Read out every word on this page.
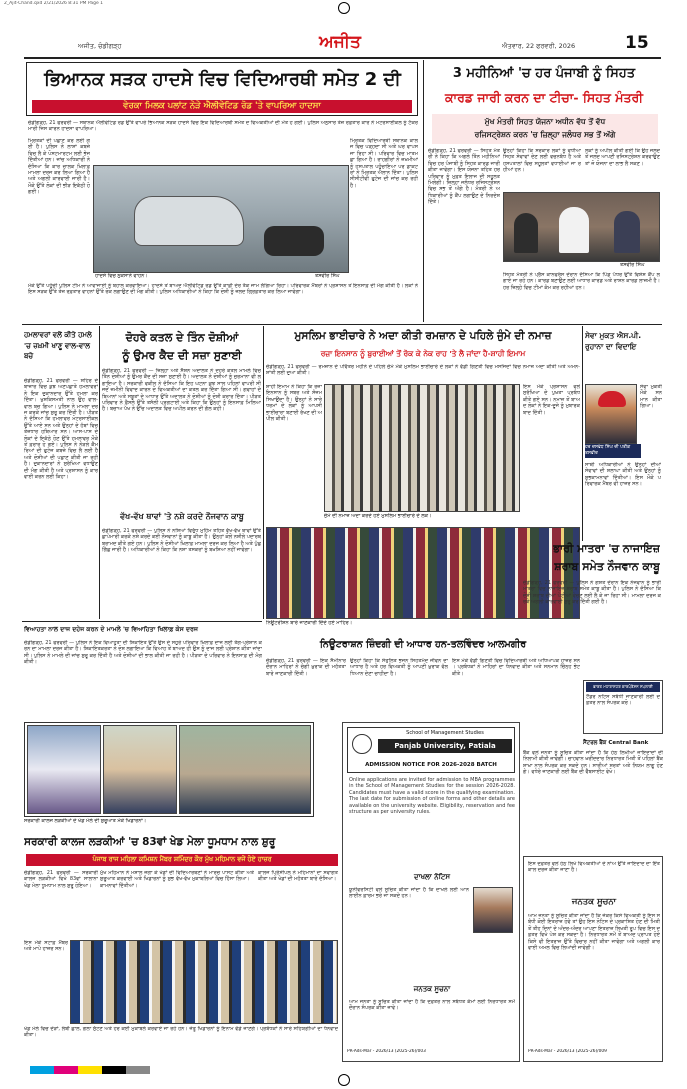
2_Ajit-Chand.qxd 2/21/2026 8:31 PM Page 1
ਅਜੀਤ, ਚੰਡੀਗੜ੍ਹ	ਅਜੀਤ	ਐਤਵਾਰ, 22 ਫਰਵਰੀ, 2026	15
ਭਿਆਨਕ ਸੜਕ ਹਾਦਸੇ ਵਿਚ ਵਿਦਿਆਰਥੀ ਸਮੇਤ 2 ਦੀ
ਵੇਰਕਾ ਮਿਲਕ ਪਲਾਂਟ ਨੇੜੇ ਐਲੀਵੇਟਿਡ ਰੋਡ 'ਤੇ ਵਾਪਰਿਆ ਹਾਦਸਾ
ਚੰਡੀਗੜ੍ਹ, 21 ਫਰਵਰੀ — ਸਥਾਨਕ ਐਲੀਵੇਟਿਡ ਰੋਡ ਉੱਤੇ ਵਾਪਰੇ ਭਿਆਨਕ ਸੜਕ ਹਾਦਸੇ ਵਿਚ ਇਕ ਵਿਦਿਆਰਥੀ ਸਮੇਤ ਦੋ ਵਿਅਕਤੀਆਂ ਦੀ ਮੌਤ ਹੋ ਗਈ। ਪੁਲਿਸ ਅਨੁਸਾਰ ਤੇਜ਼ ਰਫ਼ਤਾਰ ਕਾਰ ਨੇ ਮੋਟਰਸਾਈਕਲ ਨੂੰ ਟੱਕਰ ਮਾਰੀ ਜਿਸ ਕਾਰਨ ਹਾਦਸਾ ਵਾਪਰਿਆ।
ਮ੍ਰਿਤਕਾਂ ਦੀ ਪਛਾਣ ਕਰ ਲਈ ਗਈ ਹੈ। ਪੁਲਿਸ ਨੇ ਲਾਸ਼ਾਂ ਕਬਜ਼ੇ ਵਿਚ ਲੈ ਕੇ ਪੋਸਟਮਾਰਟਮ ਲਈ ਭੇਜ ਦਿੱਤੀਆਂ ਹਨ। ਜਾਂਚ ਅਧਿਕਾਰੀ ਨੇ ਦੱਸਿਆ ਕਿ ਕਾਰ ਚਾਲਕ ਖ਼ਿਲਾਫ਼ ਮਾਮਲਾ ਦਰਜ ਕਰ ਲਿਆ ਗਿਆ ਹੈ ਅਤੇ ਅਗਲੀ ਕਾਰਵਾਈ ਜਾਰੀ ਹੈ। ਮੌਕੇ ਉੱਤੇ ਲੋਕਾਂ ਦੀ ਭੀੜ ਇਕੱਠੀ ਹੋ ਗਈ।
ਹਾਦਸੇ ਵਿਚ ਨੁਕਸਾਨੇ ਵਾਹਨ।	ਤਸਵੀਰ ਸਿੰਘ
ਮ੍ਰਿਤਕ ਵਿਦਿਆਰਥੀ ਸਥਾਨਕ ਕਾਲਜ ਵਿਚ ਪੜ੍ਹਦਾ ਸੀ ਅਤੇ ਘਰ ਵਾਪਸ ਜਾ ਰਿਹਾ ਸੀ। ਪਰਿਵਾਰ ਵਿਚ ਮਾਤਮ ਛਾ ਗਿਆ ਹੈ। ਰਾਹਗੀਰਾਂ ਨੇ ਜ਼ਖ਼ਮੀਆਂ ਨੂੰ ਹਸਪਤਾਲ ਪਹੁੰਚਾਇਆ ਪਰ ਡਾਕਟਰਾਂ ਨੇ ਮ੍ਰਿਤਕ ਐਲਾਨ ਦਿੱਤਾ। ਪੁਲਿਸ ਸੀਸੀਟੀਵੀ ਫੁਟੇਜ ਦੀ ਜਾਂਚ ਕਰ ਰਹੀ ਹੈ।
ਮੌਕੇ ਉੱਤੇ ਪਹੁੰਚੀ ਪੁਲਿਸ ਟੀਮ ਨੇ ਆਵਾਜਾਈ ਨੂੰ ਬਹਾਲ ਕਰਵਾਇਆ। ਹਾਦਸੇ ਤੋਂ ਬਾਅਦ ਐਲੀਵੇਟਿਡ ਰੋਡ ਉੱਤੇ ਕਾਫ਼ੀ ਦੇਰ ਤੱਕ ਜਾਮ ਲੱਗਿਆ ਰਿਹਾ। ਪਰਿਵਾਰਕ ਮੈਂਬਰਾਂ ਨੇ ਪ੍ਰਸ਼ਾਸਨ ਤੋਂ ਇਨਸਾਫ਼ ਦੀ ਮੰਗ ਕੀਤੀ ਹੈ। ਲੋਕਾਂ ਨੇ ਇਸ ਸੜਕ ਉੱਤੇ ਤੇਜ਼ ਰਫ਼ਤਾਰ ਵਾਹਨਾਂ ਉੱਤੇ ਰੋਕ ਲਗਾਉਣ ਦੀ ਮੰਗ ਕੀਤੀ। ਪੁਲਿਸ ਅਧਿਕਾਰੀਆਂ ਨੇ ਕਿਹਾ ਕਿ ਦੋਸ਼ੀ ਨੂੰ ਜਲਦ ਗ੍ਰਿਫ਼ਤਾਰ ਕਰ ਲਿਆ ਜਾਵੇਗਾ।
3 ਮਹੀਨਿਆਂ 'ਚ ਹਰ ਪੰਜਾਬੀ ਨੂੰ ਸਿਹਤ
ਕਾਰਡ ਜਾਰੀ ਕਰਨ ਦਾ ਟੀਚਾ- ਸਿਹਤ ਮੰਤਰੀ
ਮੁੱਖ ਮੰਤਰੀ ਸਿਹਤ ਯੋਜਨਾ ਅਧੀਨ ਵੱਧ ਤੋਂ ਵੱਧ
ਰਜਿਸਟ੍ਰੇਸ਼ਨ ਕਰਨ 'ਚ ਜ਼ਿਲ੍ਹਾ ਜਲੰਧਰ ਸਭ ਤੋਂ ਅੱਗੇ
ਚੰਡੀਗੜ੍ਹ, 21 ਫਰਵਰੀ — ਸਿਹਤ ਮੰਤਰੀ ਨੇ ਕਿਹਾ ਕਿ ਅਗਲੇ ਤਿੰਨ ਮਹੀਨਿਆਂ ਵਿਚ ਹਰ ਪੰਜਾਬੀ ਨੂੰ ਸਿਹਤ ਕਾਰਡ ਜਾਰੀ ਕੀਤਾ ਜਾਵੇਗਾ। ਇਸ ਯੋਜਨਾ ਤਹਿਤ ਹਰ ਪਰਿਵਾਰ ਨੂੰ ਮੁਫ਼ਤ ਇਲਾਜ ਦੀ ਸਹੂਲਤ ਮਿਲੇਗੀ। ਜ਼ਿਲ੍ਹਾ ਜਲੰਧਰ ਰਜਿਸਟ੍ਰੇਸ਼ਨ ਵਿਚ ਸਭ ਤੋਂ ਅੱਗੇ ਹੈ। ਮੰਤਰੀ ਨੇ ਅਧਿਕਾਰੀਆਂ ਨੂੰ ਕੈਂਪ ਲਗਾਉਣ ਦੇ ਨਿਰਦੇਸ਼ ਦਿੱਤੇ।
ਉਨ੍ਹਾਂ ਕਿਹਾ ਕਿ ਸਰਕਾਰ ਲੋਕਾਂ ਨੂੰ ਵਧੀਆ ਸਿਹਤ ਸੇਵਾਵਾਂ ਦੇਣ ਲਈ ਵਚਨਬੱਧ ਹੈ ਅਤੇ ਹਸਪਤਾਲਾਂ ਵਿਚ ਸਹੂਲਤਾਂ ਵਧਾਈਆਂ ਜਾ ਰਹੀਆਂ ਹਨ।
ਲੋਕਾਂ ਨੂੰ ਅਪੀਲ ਕੀਤੀ ਗਈ ਕਿ ਉਹ ਜਲਦ ਤੋਂ ਜਲਦ ਆਪਣੀ ਰਜਿਸਟ੍ਰੇਸ਼ਨ ਕਰਵਾਉਣ ਤਾਂ ਜੋ ਯੋਜਨਾ ਦਾ ਲਾਭ ਲੈ ਸਕਣ।
ਤਸਵੀਰ ਸਿੰਘ
ਸਿਹਤ ਮੰਤਰੀ ਨੇ ਪ੍ਰੈਸ ਕਾਨਫਰੰਸ ਦੌਰਾਨ ਦੱਸਿਆ ਕਿ ਪਿੰਡ ਪੱਧਰ ਉੱਤੇ ਵਿਸ਼ੇਸ਼ ਕੈਂਪ ਲਗਾਏ ਜਾ ਰਹੇ ਹਨ। ਕਾਰਡ ਬਣਾਉਣ ਲਈ ਆਧਾਰ ਕਾਰਡ ਅਤੇ ਰਾਸ਼ਨ ਕਾਰਡ ਲਾਜ਼ਮੀ ਹੈ। ਹਰ ਜ਼ਿਲ੍ਹੇ ਵਿਚ ਟੀਮਾਂ ਕੰਮ ਕਰ ਰਹੀਆਂ ਹਨ।
ਹਮਲਾਵਰਾਂ ਵਲੋਂ ਕੀਤੇ ਹਮਲੇ 'ਚ ਜ਼ਖ਼ਮੀ ਖਾਣੂ ਵਾਲ-ਵਾਲ ਬਚੇ
ਚੰਡੀਗੜ੍ਹ, 21 ਫਰਵਰੀ — ਸ਼ਹਿਰ ਦੇ ਬਾਜ਼ਾਰ ਵਿਚ ਕੁਝ ਅਣਪਛਾਤੇ ਹਮਲਾਵਰਾਂ ਨੇ ਇਕ ਦੁਕਾਨਦਾਰ ਉੱਤੇ ਹਮਲਾ ਕਰ ਦਿੱਤਾ। ਖੁਸ਼ਕਿਸਮਤੀ ਨਾਲ ਉਹ ਵਾਲ-ਵਾਲ ਬਚ ਗਿਆ। ਪੁਲਿਸ ਨੇ ਮਾਮਲਾ ਦਰਜ ਕਰਕੇ ਜਾਂਚ ਸ਼ੁਰੂ ਕਰ ਦਿੱਤੀ ਹੈ। ਪੀੜਤ ਨੇ ਦੱਸਿਆ ਕਿ ਹਮਲਾਵਰ ਮੋਟਰਸਾਈਕਲ ਉੱਤੇ ਆਏ ਸਨ ਅਤੇ ਉਨ੍ਹਾਂ ਦੇ ਹੱਥਾਂ ਵਿਚ ਤੇਜ਼ਧਾਰ ਹਥਿਆਰ ਸਨ। ਆਸ-ਪਾਸ ਦੇ ਲੋਕਾਂ ਦੇ ਇਕੱਠੇ ਹੋਣ ਉੱਤੇ ਹਮਲਾਵਰ ਮੌਕੇ ਤੋਂ ਫ਼ਰਾਰ ਹੋ ਗਏ। ਪੁਲਿਸ ਨੇ ਨੇੜਲੇ ਕੈਮਰਿਆਂ ਦੀ ਫੁਟੇਜ ਕਬਜ਼ੇ ਵਿਚ ਲੈ ਲਈ ਹੈ ਅਤੇ ਦੋਸ਼ੀਆਂ ਦੀ ਪਛਾਣ ਕੀਤੀ ਜਾ ਰਹੀ ਹੈ। ਦੁਕਾਨਦਾਰਾਂ ਨੇ ਸੁਰੱਖਿਆ ਵਧਾਉਣ ਦੀ ਮੰਗ ਕੀਤੀ ਹੈ ਅਤੇ ਪ੍ਰਸ਼ਾਸਨ ਨੂੰ ਕਾਰਵਾਈ ਕਰਨ ਲਈ ਕਿਹਾ।
ਦੋਹਰੇ ਕਤਲ ਦੇ ਤਿੰਨ ਦੋਸ਼ੀਆਂ
ਨੂੰ ਉਮਰ ਕੈਦ ਦੀ ਸਜ਼ਾ ਸੁਣਾਈ
ਚੰਡੀਗੜ੍ਹ, 21 ਫਰਵਰੀ — ਜ਼ਿਲ੍ਹਾ ਅਤੇ ਸੈਸ਼ਨ ਅਦਾਲਤ ਨੇ ਦੋਹਰੇ ਕਤਲ ਮਾਮਲੇ ਵਿਚ ਤਿੰਨ ਦੋਸ਼ੀਆਂ ਨੂੰ ਉਮਰ ਕੈਦ ਦੀ ਸਜ਼ਾ ਸੁਣਾਈ ਹੈ। ਅਦਾਲਤ ਨੇ ਦੋਸ਼ੀਆਂ ਨੂੰ ਜੁਰਮਾਨਾ ਵੀ ਲਗਾਇਆ ਹੈ। ਸਰਕਾਰੀ ਵਕੀਲ ਨੇ ਦੱਸਿਆ ਕਿ ਇਹ ਘਟਨਾ ਕੁਝ ਸਾਲ ਪਹਿਲਾਂ ਵਾਪਰੀ ਸੀ ਜਦੋਂ ਜ਼ਮੀਨੀ ਵਿਵਾਦ ਕਾਰਨ ਦੋ ਵਿਅਕਤੀਆਂ ਦਾ ਕਤਲ ਕਰ ਦਿੱਤਾ ਗਿਆ ਸੀ। ਗਵਾਹਾਂ ਦੇ ਬਿਆਨਾਂ ਅਤੇ ਸਬੂਤਾਂ ਦੇ ਆਧਾਰ ਉੱਤੇ ਅਦਾਲਤ ਨੇ ਦੋਸ਼ੀਆਂ ਨੂੰ ਦੋਸ਼ੀ ਕਰਾਰ ਦਿੱਤਾ। ਪੀੜਤ ਪਰਿਵਾਰ ਨੇ ਫ਼ੈਸਲੇ ਉੱਤੇ ਤਸੱਲੀ ਪ੍ਰਗਟਾਈ ਅਤੇ ਕਿਹਾ ਕਿ ਉਨ੍ਹਾਂ ਨੂੰ ਇਨਸਾਫ਼ ਮਿਲਿਆ ਹੈ। ਬਚਾਅ ਪੱਖ ਨੇ ਉੱਚ ਅਦਾਲਤ ਵਿਚ ਅਪੀਲ ਕਰਨ ਦੀ ਗੱਲ ਕਹੀ।
ਵੱਖ-ਵੱਖ ਥਾਵਾਂ 'ਤੇ ਨਸ਼ੇ ਕਰਦੇ ਨੌਜਵਾਨ ਕਾਬੂ
ਚੰਡੀਗੜ੍ਹ, 21 ਫਰਵਰੀ — ਪੁਲਿਸ ਨੇ ਨਸ਼ਿਆਂ ਵਿਰੁੱਧ ਮੁਹਿੰਮ ਤਹਿਤ ਵੱਖ-ਵੱਖ ਥਾਵਾਂ ਉੱਤੇ ਛਾਪੇਮਾਰੀ ਕਰਕੇ ਨਸ਼ੇ ਕਰਦੇ ਕਈ ਨੌਜਵਾਨਾਂ ਨੂੰ ਕਾਬੂ ਕੀਤਾ ਹੈ। ਉਨ੍ਹਾਂ ਕੋਲੋਂ ਨਸ਼ੀਲੇ ਪਦਾਰਥ ਬਰਾਮਦ ਕੀਤੇ ਗਏ ਹਨ। ਪੁਲਿਸ ਨੇ ਦੋਸ਼ੀਆਂ ਖ਼ਿਲਾਫ਼ ਮਾਮਲਾ ਦਰਜ ਕਰ ਲਿਆ ਹੈ ਅਤੇ ਪੁੱਛਗਿੱਛ ਜਾਰੀ ਹੈ। ਅਧਿਕਾਰੀਆਂ ਨੇ ਕਿਹਾ ਕਿ ਨਸ਼ਾ ਤਸਕਰਾਂ ਨੂੰ ਬਖ਼ਸ਼ਿਆ ਨਹੀਂ ਜਾਵੇਗਾ।
ਮੁਸਲਿਮ ਭਾਈਚਾਰੇ ਨੇ ਅਦਾ ਕੀਤੀ ਰਮਜ਼ਾਨ ਦੇ ਪਹਿਲੇ ਜੁੰਮੇ ਦੀ ਨਮਾਜ਼
ਰਜ਼ਾ ਇਨਸਾਨ ਨੂੰ ਬੁਰਾਈਆਂ ਤੋਂ ਰੋਕ ਕੇ ਨੇਕ ਰਾਹ 'ਤੇ ਲੈ ਜਾਂਦਾ ਹੈ-ਸ਼ਾਹੀ ਇਮਾਮ
ਚੰਡੀਗੜ੍ਹ, 21 ਫਰਵਰੀ — ਰਮਜ਼ਾਨ ਦੇ ਪਵਿੱਤਰ ਮਹੀਨੇ ਦੇ ਪਹਿਲੇ ਜੁੰਮੇ ਮੌਕੇ ਮੁਸਲਿਮ ਭਾਈਚਾਰੇ ਦੇ ਲੋਕਾਂ ਨੇ ਵੱਡੀ ਗਿਣਤੀ ਵਿਚ ਮਸਜਿਦਾਂ ਵਿਚ ਨਮਾਜ਼ ਅਦਾ ਕੀਤੀ ਅਤੇ ਅਮਨ-ਸ਼ਾਂਤੀ ਲਈ ਦੁਆ ਕੀਤੀ।
ਸ਼ਾਹੀ ਇਮਾਮ ਨੇ ਕਿਹਾ ਕਿ ਰੋਜ਼ਾ ਇਨਸਾਨ ਨੂੰ ਸਬਰ ਅਤੇ ਸੰਜਮ ਸਿਖਾਉਂਦਾ ਹੈ। ਉਨ੍ਹਾਂ ਨੇ ਸਾਰੇ ਧਰਮਾਂ ਦੇ ਲੋਕਾਂ ਨੂੰ ਆਪਸੀ ਭਾਈਚਾਰਾ ਬਣਾਈ ਰੱਖਣ ਦੀ ਅਪੀਲ ਕੀਤੀ।
ਇਸ ਮੌਕੇ ਪ੍ਰਸ਼ਾਸਨ ਵਲੋਂ ਸੁਰੱਖਿਆ ਦੇ ਪੁਖ਼ਤਾ ਪ੍ਰਬੰਧ ਕੀਤੇ ਗਏ ਸਨ। ਨਮਾਜ਼ ਤੋਂ ਬਾਅਦ ਲੋਕਾਂ ਨੇ ਇਕ-ਦੂਜੇ ਨੂੰ ਮੁਬਾਰਕਬਾਦ ਦਿੱਤੀ।
ਜੁੰਮੇ ਦੀ ਨਮਾਜ਼ ਅਦਾ ਕਰਦੇ ਹੋਏ ਮੁਸਲਿਮ ਭਾਈਚਾਰੇ ਦੇ ਲੋਕ।
ਸੇਵਾ ਮੁਕਤ ਐਸ.ਪੀ. ਰੁਹਾਨਾ ਦਾ ਵਿਦਾਇ
ਹਰ ਦਸਵੰਧ ਸਿੰਘ ਦੀ ਪਤੀਕ ਤਸਵੀਰ
ਸੇਵਾ ਮੁਕਤੀ ਮੌਕੇ ਸਨਮਾਨ ਕੀਤਾ ਗਿਆ।
ਸਾਥੀ ਅਧਿਕਾਰੀਆਂ ਨੇ ਉਨ੍ਹਾਂ ਦੀਆਂ ਸੇਵਾਵਾਂ ਦੀ ਸ਼ਲਾਘਾ ਕੀਤੀ ਅਤੇ ਉਨ੍ਹਾਂ ਨੂੰ ਸ਼ੁਭਕਾਮਨਾਵਾਂ ਦਿੱਤੀਆਂ। ਇਸ ਮੌਕੇ ਪਰਿਵਾਰਕ ਮੈਂਬਰ ਵੀ ਹਾਜ਼ਰ ਸਨ।
ਭਾਰੀ ਮਾਤਰਾ 'ਚ ਨਾਜਾਇਜ਼
ਸ਼ਰਾਬ ਸਮੇਤ ਨੌਜਵਾਨ ਕਾਬੂ
ਚੰਡੀਗੜ੍ਹ, 21 ਫਰਵਰੀ — ਪੁਲਿਸ ਨੇ ਗਸ਼ਤ ਦੌਰਾਨ ਇਕ ਨੌਜਵਾਨ ਨੂੰ ਭਾਰੀ ਮਾਤਰਾ ਵਿਚ ਨਾਜਾਇਜ਼ ਸ਼ਰਾਬ ਸਮੇਤ ਕਾਬੂ ਕੀਤਾ ਹੈ। ਪੁਲਿਸ ਨੇ ਦੱਸਿਆ ਕਿ ਦੋਸ਼ੀ ਸ਼ਰਾਬ ਦੀਆਂ ਪੇਟੀਆਂ ਵੇਚਣ ਲਈ ਲੈ ਕੇ ਜਾ ਰਿਹਾ ਸੀ। ਮਾਮਲਾ ਦਰਜ ਕਰਕੇ ਅਗਲੀ ਕਾਰਵਾਈ ਸ਼ੁਰੂ ਕਰ ਦਿੱਤੀ ਗਈ ਹੈ।
ਵਿਆਹਤਾ ਨਾਲ ਦਾਜ ਦਹੇਜ ਕਰਨ ਦੇ ਮਾਮਲੇ 'ਚ ਵਿਆਹਿਤਾ ਖਿਲਾਫ਼ ਕੇਸ ਦਰਜ
ਚੰਡੀਗੜ੍ਹ, 21 ਫਰਵਰੀ — ਪੁਲਿਸ ਨੇ ਇਕ ਵਿਆਹੁਤਾ ਦੀ ਸ਼ਿਕਾਇਤ ਉੱਤੇ ਉਸ ਦੇ ਸਹੁਰੇ ਪਰਿਵਾਰ ਖ਼ਿਲਾਫ਼ ਦਾਜ ਲਈ ਤੰਗ-ਪ੍ਰੇਸ਼ਾਨ ਕਰਨ ਦਾ ਮਾਮਲਾ ਦਰਜ ਕੀਤਾ ਹੈ। ਸ਼ਿਕਾਇਤਕਰਤਾ ਨੇ ਦੋਸ਼ ਲਗਾਇਆ ਕਿ ਵਿਆਹ ਤੋਂ ਬਾਅਦ ਹੀ ਉਸ ਨੂੰ ਦਾਜ ਲਈ ਪ੍ਰੇਸ਼ਾਨ ਕੀਤਾ ਜਾਂਦਾ ਸੀ। ਪੁਲਿਸ ਨੇ ਮਾਮਲੇ ਦੀ ਜਾਂਚ ਸ਼ੁਰੂ ਕਰ ਦਿੱਤੀ ਹੈ ਅਤੇ ਦੋਸ਼ੀਆਂ ਦੀ ਭਾਲ ਕੀਤੀ ਜਾ ਰਹੀ ਹੈ। ਪੀੜਤਾ ਦੇ ਪਰਿਵਾਰ ਨੇ ਇਨਸਾਫ਼ ਦੀ ਮੰਗ ਕੀਤੀ।
ਨਿਊਟਰੀਸ਼ਨ ਬਾਰੇ ਜਾਣਕਾਰੀ ਦਿੰਦੇ ਹੋਏ ਮਾਹਿਰ।
ਨਿਊਟਰਾਸ਼ਨ ਜ਼ਿੰਦਗੀ ਦੀ ਆਧਾਰ ਹਨ-ਤਲਵਿੰਦਰ ਆਲਮਗੀਰ
ਚੰਡੀਗੜ੍ਹ, 21 ਫਰਵਰੀ — ਇਕ ਸੈਮੀਨਾਰ ਦੌਰਾਨ ਮਾਹਿਰਾਂ ਨੇ ਚੰਗੀ ਖ਼ੁਰਾਕ ਦੀ ਮਹੱਤਤਾ ਬਾਰੇ ਜਾਣਕਾਰੀ ਦਿੱਤੀ।
ਉਨ੍ਹਾਂ ਕਿਹਾ ਕਿ ਸੰਤੁਲਿਤ ਭੋਜਨ ਸਿਹਤਮੰਦ ਜੀਵਨ ਦਾ ਆਧਾਰ ਹੈ ਅਤੇ ਹਰ ਵਿਅਕਤੀ ਨੂੰ ਆਪਣੀ ਖ਼ੁਰਾਕ ਵੱਲ ਧਿਆਨ ਦੇਣਾ ਚਾਹੀਦਾ ਹੈ।
ਇਸ ਮੌਕੇ ਵੱਡੀ ਗਿਣਤੀ ਵਿਚ ਵਿਦਿਆਰਥੀ ਅਤੇ ਅਧਿਆਪਕ ਹਾਜ਼ਰ ਸਨ। ਪ੍ਰਬੰਧਕਾਂ ਨੇ ਮਾਹਿਰਾਂ ਦਾ ਧੰਨਵਾਦ ਕੀਤਾ ਅਤੇ ਸਨਮਾਨ ਚਿੰਨ੍ਹ ਭੇਟ ਕੀਤੇ।
ਭਾਰਤ ਮਹਾਰਾਸ਼ਟਰ ਕਾਰਪੋਰੇਸ਼ਨ ਸਪਲਾਈ
ਟੈਂਡਰ ਨੋਟਿਸ ਸਬੰਧੀ ਜਾਣਕਾਰੀ ਲਈ ਦਫ਼ਤਰ ਨਾਲ ਸੰਪਰਕ ਕਰੋ।
ਸੈਂਟਰਲ ਬੈਂਕ Central Bank
ਬੈਂਕ ਵਲੋਂ ਜਨਤਾ ਨੂੰ ਸੂਚਿਤ ਕੀਤਾ ਜਾਂਦਾ ਹੈ ਕਿ ਹੇਠ ਲਿਖੀਆਂ ਜਾਇਦਾਦਾਂ ਦੀ ਨਿਲਾਮੀ ਕੀਤੀ ਜਾਵੇਗੀ। ਚਾਹਵਾਨ ਖ਼ਰੀਦਦਾਰ ਨਿਰਧਾਰਤ ਮਿਤੀ ਤੋਂ ਪਹਿਲਾਂ ਬੈਂਕ ਸ਼ਾਖ਼ਾ ਨਾਲ ਸੰਪਰਕ ਕਰ ਸਕਦੇ ਹਨ। ਸਾਰੀਆਂ ਸ਼ਰਤਾਂ ਅਤੇ ਨਿਯਮ ਲਾਗੂ ਹੋਣਗੇ। ਵਧੇਰੇ ਜਾਣਕਾਰੀ ਲਈ ਬੈਂਕ ਦੀ ਵੈੱਬਸਾਈਟ ਵੇਖੋ।
ਸਰਕਾਰੀ ਕਾਲਜ ਲੜਕੀਆਂ ਦੇ ਖੇਡ ਮੇਲੇ ਦੀ ਸ਼ੁਰੂਆਤ ਮੌਕੇ ਖਿਡਾਰਨਾਂ।
ਸਰਕਾਰੀ ਕਾਲਜ ਲੜਕੀਆਂ 'ਚ 83ਵਾਂ ਖੇਡ ਮੇਲਾ ਧੂਮਧਾਮ ਨਾਲ ਸ਼ੁਰੂ
ਪੰਜਾਬ ਰਾਜ ਮਹਿਲਾ ਕਮਿਸ਼ਨ ਮੈਂਬਰ ਸ਼ਮਿੰਦਰ ਕੌਰ ਮੁੱਖ ਮਹਿਮਾਨ ਵਜੋਂ ਹੋਏ ਹਾਜ਼ਰ
ਚੰਡੀਗੜ੍ਹ, 21 ਫਰਵਰੀ — ਸਰਕਾਰੀ ਕਾਲਜ ਲੜਕੀਆਂ ਵਿਖੇ 83ਵਾਂ ਸਾਲਾਨਾ ਖੇਡ ਮੇਲਾ ਧੂਮਧਾਮ ਨਾਲ ਸ਼ੁਰੂ ਹੋਇਆ।
ਮੁੱਖ ਮਹਿਮਾਨ ਨੇ ਮਸ਼ਾਲ ਜਗਾ ਕੇ ਖੇਡਾਂ ਦੀ ਸ਼ੁਰੂਆਤ ਕਰਵਾਈ ਅਤੇ ਖਿਡਾਰਨਾਂ ਨੂੰ ਸ਼ੁਭਕਾਮਨਾਵਾਂ ਦਿੱਤੀਆਂ।
ਵਿਦਿਆਰਥਣਾਂ ਨੇ ਮਾਰਚ ਪਾਸਟ ਕੀਤਾ ਅਤੇ ਵੱਖ-ਵੱਖ ਮੁਕਾਬਲਿਆਂ ਵਿਚ ਹਿੱਸਾ ਲਿਆ।
ਕਾਲਜ ਪ੍ਰਿੰਸੀਪਲ ਨੇ ਮਹਿਮਾਨਾਂ ਦਾ ਸਵਾਗਤ ਕੀਤਾ ਅਤੇ ਖੇਡਾਂ ਦੀ ਮਹੱਤਤਾ ਬਾਰੇ ਦੱਸਿਆ।
ਇਸ ਮੌਕੇ ਸਟਾਫ਼ ਮੈਂਬਰ ਅਤੇ ਮਾਪੇ ਹਾਜ਼ਰ ਸਨ।
ਖੇਡ ਮੇਲੇ ਵਿਚ ਦੌੜਾਂ, ਲੰਬੀ ਛਾਲ, ਗੋਲਾ ਸੁੱਟਣ ਅਤੇ ਹੋਰ ਕਈ ਮੁਕਾਬਲੇ ਕਰਵਾਏ ਜਾ ਰਹੇ ਹਨ। ਜੇਤੂ ਖਿਡਾਰਨਾਂ ਨੂੰ ਇਨਾਮ ਵੰਡੇ ਜਾਣਗੇ। ਪ੍ਰਬੰਧਕਾਂ ਨੇ ਸਾਰੇ ਸਹਿਯੋਗੀਆਂ ਦਾ ਧੰਨਵਾਦ ਕੀਤਾ।
School of Management Studies
Panjab University, Patiala
ADMISSION NOTICE FOR 2026-2028 BATCH
Online applications are invited for admission to MBA programmes in the School of Management Studies for the session 2026-2028. Candidates must have a valid score in the qualifying examination. The last date for submission of online forms and other details are available on the university website. Eligibility, reservation and fee structure as per university rules.
ਦਾਖਲਾ ਨੋਟਿਸ
ਯੂਨੀਵਰਸਿਟੀ ਵਲੋਂ ਸੂਚਿਤ ਕੀਤਾ ਜਾਂਦਾ ਹੈ ਕਿ ਦਾਖਲੇ ਲਈ ਆਨਲਾਈਨ ਫ਼ਾਰਮ ਭਰੇ ਜਾ ਸਕਦੇ ਹਨ।
ਜਨਤਕ ਸੂਚਨਾ
ਆਮ ਜਨਤਾ ਨੂੰ ਸੂਚਿਤ ਕੀਤਾ ਜਾਂਦਾ ਹੈ ਕਿ ਦਫ਼ਤਰ ਨਾਲ ਸਬੰਧਤ ਕੰਮਾਂ ਲਈ ਨਿਰਧਾਰਤ ਸਮੇਂ ਦੌਰਾਨ ਸੰਪਰਕ ਕੀਤਾ ਜਾਵੇ।
PR-Ads-Mar - 2026/13 (2025-26)/003
ਇਸ ਦਫ਼ਤਰ ਵਲੋਂ ਹੇਠ ਲਿਖੇ ਵਿਅਕਤੀਆਂ ਦੇ ਨਾਂਅ ਉੱਤੇ ਜਾਇਦਾਦ ਦਾ ਇੰਤਕਾਲ ਦਰਜ ਕੀਤਾ ਜਾਣਾ ਹੈ।
ਜਨਤਕ ਸੂਚਨਾ
ਆਮ ਜਨਤਾ ਨੂੰ ਸੂਚਿਤ ਕੀਤਾ ਜਾਂਦਾ ਹੈ ਕਿ ਜੇਕਰ ਕਿਸੇ ਵਿਅਕਤੀ ਨੂੰ ਇਸ ਸਬੰਧੀ ਕੋਈ ਇਤਰਾਜ਼ ਹੋਵੇ ਤਾਂ ਉਹ ਇਸ ਨੋਟਿਸ ਦੇ ਪ੍ਰਕਾਸ਼ਿਤ ਹੋਣ ਦੀ ਮਿਤੀ ਤੋਂ ਤੀਹ ਦਿਨਾਂ ਦੇ ਅੰਦਰ-ਅੰਦਰ ਆਪਣਾ ਇਤਰਾਜ਼ ਲਿਖਤੀ ਰੂਪ ਵਿਚ ਇਸ ਦਫ਼ਤਰ ਵਿਖੇ ਪੇਸ਼ ਕਰ ਸਕਦਾ ਹੈ। ਨਿਰਧਾਰਤ ਸਮੇਂ ਤੋਂ ਬਾਅਦ ਪ੍ਰਾਪਤ ਹੋਏ ਕਿਸੇ ਵੀ ਇਤਰਾਜ਼ ਉੱਤੇ ਵਿਚਾਰ ਨਹੀਂ ਕੀਤਾ ਜਾਵੇਗਾ ਅਤੇ ਅਗਲੀ ਕਾਰਵਾਈ ਅਮਲ ਵਿਚ ਲਿਆਂਦੀ ਜਾਵੇਗੀ।
PR-Ads-Mar - 2026/13 (2025-26)/009
